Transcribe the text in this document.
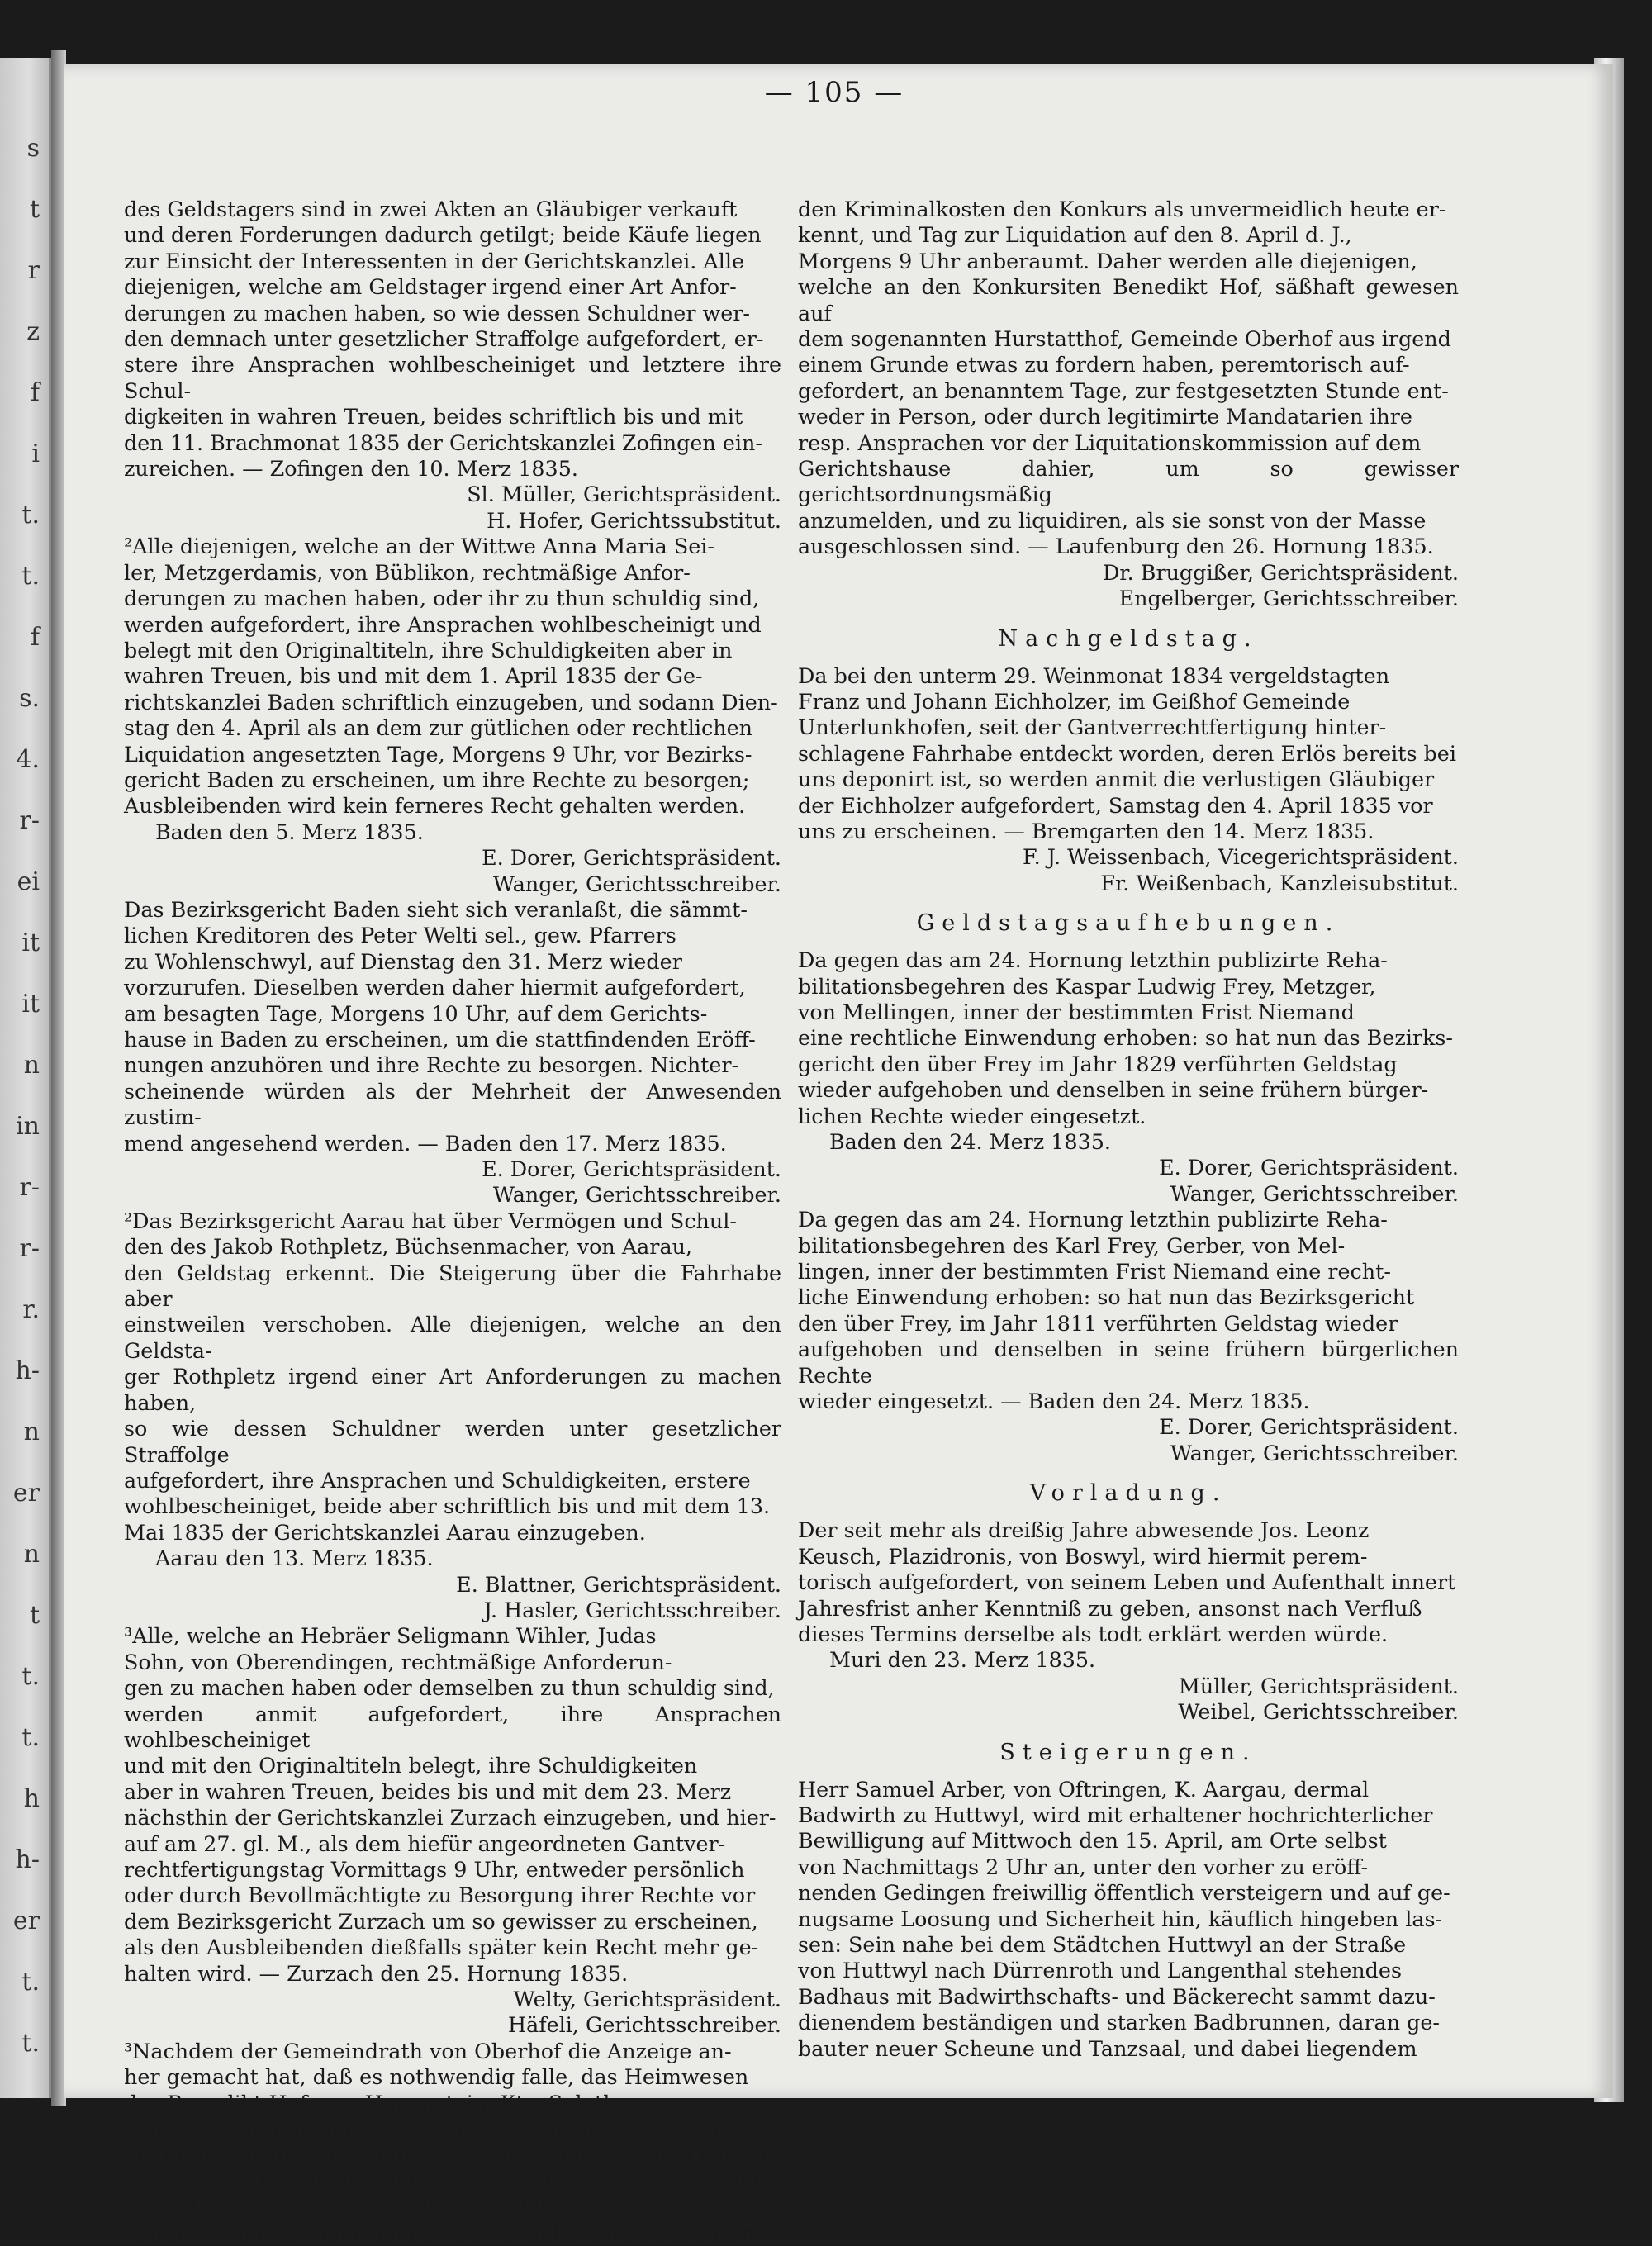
s
t
r
z
f
i
t.
t.
f
s.
4.
r-
ei
it
it
n
in
r-
r-
r.
h-
n
er
n
t
t.
t.
h
h-
er
t.
t.
— 105 —

des Geldstagers sind in zwei Akten an Gläubiger verkauft
und deren Forderungen dadurch getilgt; beide Käufe liegen
zur Einsicht der Interessenten in der Gerichtskanzlei. Alle
diejenigen, welche am Geldstager irgend einer Art Anfor-
derungen zu machen haben, so wie dessen Schuldner wer-
den demnach unter gesetzlicher Straffolge aufgefordert, er-
stere ihre Ansprachen wohlbescheiniget und letztere ihre Schul-
digkeiten in wahren Treuen, beides schriftlich bis und mit
den 11. Brachmonat 1835 der Gerichtskanzlei Zofingen ein-
zureichen. — Zofingen den 10. Merz 1835.

Sl. Müller, Gerichtspräsident.
H. Hofer, Gerichtssubstitut.

²Alle diejenigen, welche an der Wittwe Anna Maria Sei-
ler, Metzgerdamis, von Büblikon, rechtmäßige Anfor-
derungen zu machen haben, oder ihr zu thun schuldig sind,
werden aufgefordert, ihre Ansprachen wohlbescheinigt und
belegt mit den Originaltiteln, ihre Schuldigkeiten aber in
wahren Treuen, bis und mit dem 1. April 1835 der Ge-
richtskanzlei Baden schriftlich einzugeben, und sodann Dien-
stag den 4. April als an dem zur gütlichen oder rechtlichen
Liquidation angesetzten Tage, Morgens 9 Uhr, vor Bezirks-
gericht Baden zu erscheinen, um ihre Rechte zu besorgen;
Ausbleibenden wird kein ferneres Recht gehalten werden.

Baden den 5. Merz 1835.

E. Dorer, Gerichtspräsident.
Wanger, Gerichtsschreiber.

Das Bezirksgericht Baden sieht sich veranlaßt, die sämmt-
lichen Kreditoren des Peter Welti sel., gew. Pfarrers
zu Wohlenschwyl, auf Dienstag den 31. Merz wieder
vorzurufen. Dieselben werden daher hiermit aufgefordert,
am besagten Tage, Morgens 10 Uhr, auf dem Gerichts-
hause in Baden zu erscheinen, um die stattfindenden Eröff-
nungen anzuhören und ihre Rechte zu besorgen. Nichter-
scheinende würden als der Mehrheit der Anwesenden zustim-
mend angesehend werden. — Baden den 17. Merz 1835.

E. Dorer, Gerichtspräsident.
Wanger, Gerichtsschreiber.

²Das Bezirksgericht Aarau hat über Vermögen und Schul-
den des Jakob Rothpletz, Büchsenmacher, von Aarau,
den Geldstag erkennt. Die Steigerung über die Fahrhabe aber
einstweilen verschoben. Alle diejenigen, welche an den Geldsta-
ger Rothpletz irgend einer Art Anforderungen zu machen haben,
so wie dessen Schuldner werden unter gesetzlicher Straffolge
aufgefordert, ihre Ansprachen und Schuldigkeiten, erstere
wohlbescheiniget, beide aber schriftlich bis und mit dem 13.
Mai 1835 der Gerichtskanzlei Aarau einzugeben.

Aarau den 13. Merz 1835.

E. Blattner, Gerichtspräsident.
J. Hasler, Gerichtsschreiber.

³Alle, welche an Hebräer Seligmann Wihler, Judas
Sohn, von Oberendingen, rechtmäßige Anforderun-
gen zu machen haben oder demselben zu thun schuldig sind,
werden anmit aufgefordert, ihre Ansprachen wohlbescheiniget
und mit den Originaltiteln belegt, ihre Schuldigkeiten
aber in wahren Treuen, beides bis und mit dem 23. Merz
nächsthin der Gerichtskanzlei Zurzach einzugeben, und hier-
auf am 27. gl. M., als dem hiefür angeordneten Gantver-
rechtfertigungstag Vormittags 9 Uhr, entweder persönlich
oder durch Bevollmächtigte zu Besorgung ihrer Rechte vor
dem Bezirksgericht Zurzach um so gewisser zu erscheinen,
als den Ausbleibenden dießfalls später kein Recht mehr ge-
halten wird. — Zurzach den 25. Hornung 1835.

Welty, Gerichtspräsident.
Häfeli, Gerichtsschreiber.

³Nachdem der Gemeindrath von Oberhof die Anzeige an-
her gemacht hat, daß es nothwendig falle, das Heimwesen
des Benedikt Hof, von Hauenstein, Kts. Solothurn,
den sogenannten Hurstatthof, in der Gemeinde Oberhof,
auf dem Benedikt Hof, und zwei seiner Kinder wegen Falsch-
münzerei in Kriminalverhaft gezogen wurden, niemand mehr
aufhalte, zur Tilgung der vielen Schulden zu verkaufen,
haben wir um so mehr bei den sich ergebenen so bedeuten-

den Kriminalkosten den Konkurs als unvermeidlich heute er-
kennt, und Tag zur Liquidation auf den 8. April d. J.,
Morgens 9 Uhr anberaumt. Daher werden alle diejenigen,
welche an den Konkursiten Benedikt Hof, säßhaft gewesen auf
dem sogenannten Hurstatthof, Gemeinde Oberhof aus irgend
einem Grunde etwas zu fordern haben, peremtorisch auf-
gefordert, an benanntem Tage, zur festgesetzten Stunde ent-
weder in Person, oder durch legitimirte Mandatarien ihre
resp. Ansprachen vor der Liquitationskommission auf dem
Gerichtshause dahier, um so gewisser gerichtsordnungsmäßig
anzumelden, und zu liquidiren, als sie sonst von der Masse
ausgeschlossen sind. — Laufenburg den 26. Hornung 1835.

Dr. Bruggißer, Gerichtspräsident.
Engelberger, Gerichtsschreiber.

Nachgeldstag.

Da bei den unterm 29. Weinmonat 1834 vergeldstagten
Franz und Johann Eichholzer, im Geißhof Gemeinde
Unterlunkhofen, seit der Gantverrechtfertigung hinter-
schlagene Fahrhabe entdeckt worden, deren Erlös bereits bei
uns deponirt ist, so werden anmit die verlustigen Gläubiger
der Eichholzer aufgefordert, Samstag den 4. April 1835 vor
uns zu erscheinen. — Bremgarten den 14. Merz 1835.

F. J. Weissenbach, Vicegerichtspräsident.
Fr. Weißenbach, Kanzleisubstitut.

Geldstagsaufhebungen.

Da gegen das am 24. Hornung letzthin publizirte Reha-
bilitationsbegehren des Kaspar Ludwig Frey, Metzger,
von Mellingen, inner der bestimmten Frist Niemand
eine rechtliche Einwendung erhoben: so hat nun das Bezirks-
gericht den über Frey im Jahr 1829 verführten Geldstag
wieder aufgehoben und denselben in seine frühern bürger-
lichen Rechte wieder eingesetzt.

Baden den 24. Merz 1835.

E. Dorer, Gerichtspräsident.
Wanger, Gerichtsschreiber.

Da gegen das am 24. Hornung letzthin publizirte Reha-
bilitationsbegehren des Karl Frey, Gerber, von Mel-
lingen, inner der bestimmten Frist Niemand eine recht-
liche Einwendung erhoben: so hat nun das Bezirksgericht
den über Frey, im Jahr 1811 verführten Geldstag wieder
aufgehoben und denselben in seine frühern bürgerlichen Rechte
wieder eingesetzt. — Baden den 24. Merz 1835.

E. Dorer, Gerichtspräsident.
Wanger, Gerichtsschreiber.

Vorladung.

Der seit mehr als dreißig Jahre abwesende Jos. Leonz
Keusch, Plazidronis, von Boswyl, wird hiermit perem-
torisch aufgefordert, von seinem Leben und Aufenthalt innert
Jahresfrist anher Kenntniß zu geben, ansonst nach Verfluß
dieses Termins derselbe als todt erklärt werden würde.

Muri den 23. Merz 1835.

Müller, Gerichtspräsident.
Weibel, Gerichtsschreiber.

Steigerungen.

Herr Samuel Arber, von Oftringen, K. Aargau, dermal
Badwirth zu Huttwyl, wird mit erhaltener hochrichterlicher
Bewilligung auf Mittwoch den 15. April, am Orte selbst
von Nachmittags 2 Uhr an, unter den vorher zu eröff-
nenden Gedingen freiwillig öffentlich versteigern und auf ge-
nugsame Loosung und Sicherheit hin, käuflich hingeben las-
sen: Sein nahe bei dem Städtchen Huttwyl an der Straße
von Huttwyl nach Dürrenroth und Langenthal stehendes
Badhaus mit Badwirthschafts- und Bäckerecht sammt dazu-
dienendem beständigen und starken Badbrunnen, daran ge-
bauter neuer Scheune und Tanzsaal, und dabei liegendem
